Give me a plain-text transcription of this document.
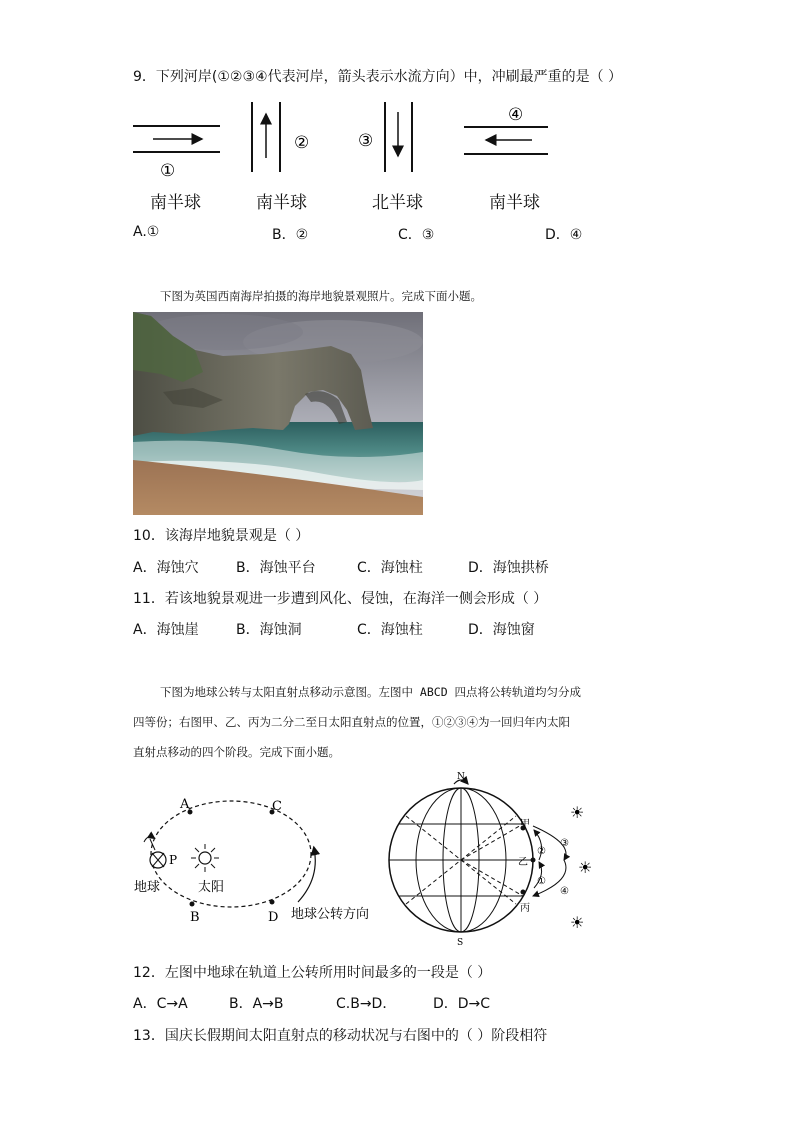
9．下列河岸(①②③④代表河岸，箭头表示水流方向）中，冲刷最严重的是（ ）
①
②	③
④
南半球	南半球	北半球	南半球
A.①	B．②	C．③	D．④
下图为英国西南海岸拍摄的海岸地貌景观照片。完成下面小题。
10．该海岸地貌景观是（ ）
A．海蚀穴	B．海蚀平台	C．海蚀柱	D．海蚀拱桥
11．若该地貌景观进一步遭到风化、侵蚀，在海洋一侧会形成（ ）
A．海蚀崖	B．海蚀洞	C．海蚀柱	D．海蚀窗
下图为地球公转与太阳直射点移动示意图。左图中 ABCD 四点将公转轨道均匀分成
四等份；右图甲、乙、丙为二分二至日太阳直射点的位置，①②③④为一回归年内太阳
直射点移动的四个阶段。完成下面小题。
A	C
B	D
P
地球	太阳
地球公转方向
N
S
甲
乙
丙
①
②
③
④
☀
☀
☀
12．左图中地球在轨道上公转所用时间最多的一段是（ ）
A．C→A	B．A→B	C.B→D．	D．D→C
13．国庆长假期间太阳直射点的移动状况与右图中的（ ）阶段相符
